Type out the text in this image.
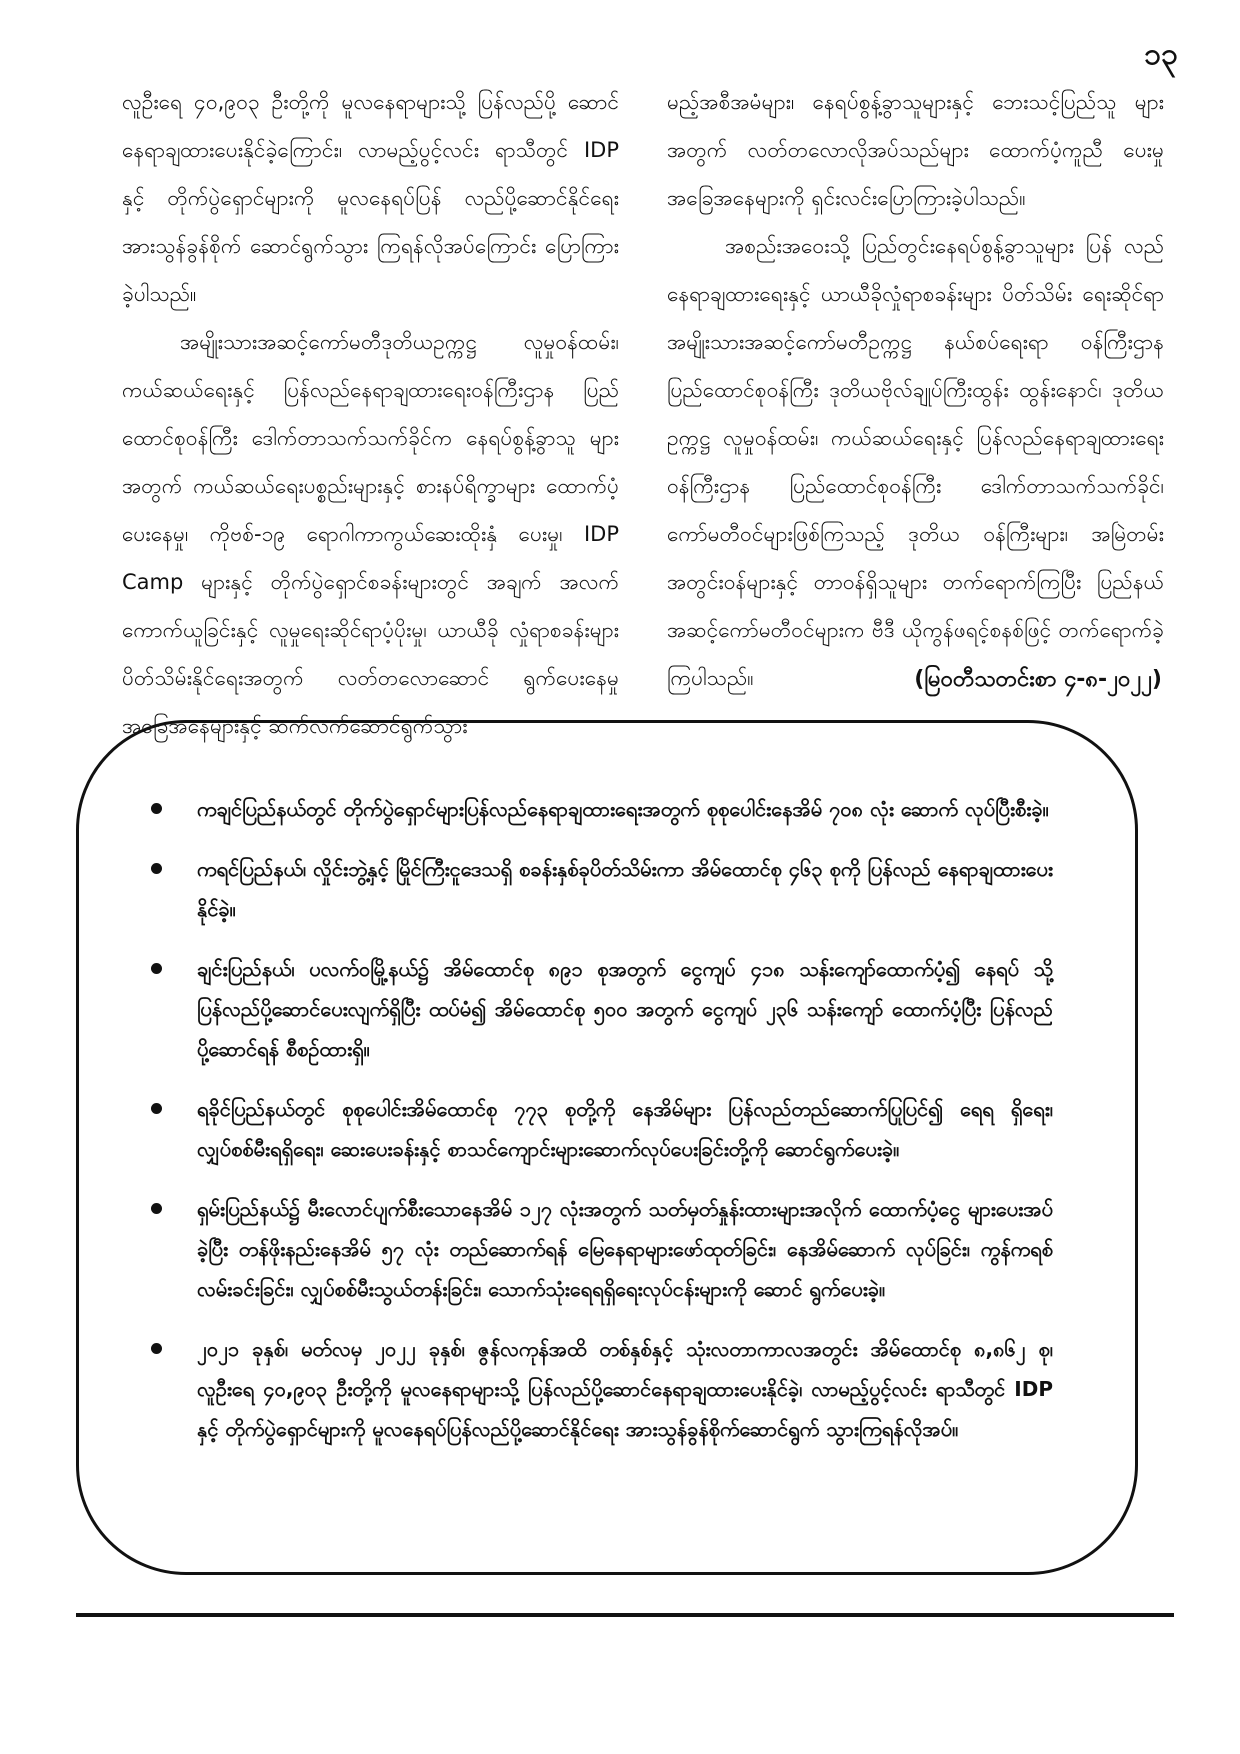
၁၃

လူဦးရေ ၄၀,၉၀၃ ဦးတို့ကို မူလနေရာများသို့ ပြန်လည်ပို့ ဆောင်နေရာချထားပေးနိုင်ခဲ့ကြောင်း၊ လာမည့်ပွင့်လင်း ရာသီတွင် IDP နှင့် တိုက်ပွဲရှောင်များကို မူလနေရပ်ပြန် လည်ပို့ဆောင်နိုင်ရေး အားသွန်ခွန်စိုက် ဆောင်ရွက်သွား ကြရန်လိုအပ်ကြောင်း ပြောကြားခဲ့ပါသည်။

အမျိုးသားအဆင့်ကော်မတီဒုတိယဥက္ကဋ္ဌ လူမှုဝန်ထမ်း၊ ကယ်ဆယ်ရေးနှင့် ပြန်လည်နေရာချထားရေးဝန်ကြီးဌာန ပြည် ထောင်စုဝန်ကြီး ဒေါက်တာသက်သက်ခိုင်က နေရပ်စွန့်ခွာသူ များအတွက် ကယ်ဆယ်ရေးပစ္စည်းများနှင့် စားနပ်ရိက္ခာများ ထောက်ပံ့ပေးနေမှု၊ ကိုဗစ်-၁၉ ရောဂါကာကွယ်ဆေးထိုးနှံ ပေးမှု၊ IDP Camp များနှင့် တိုက်ပွဲရှောင်စခန်းများတွင် အချက် အလက်ကောက်ယူခြင်းနှင့် လူမှုရေးဆိုင်ရာပံ့ပိုးမှု၊ ယာယီခို လှုံရာစခန်းများ ပိတ်သိမ်းနိုင်ရေးအတွက် လတ်တလောဆောင် ရွက်ပေးနေမှုအခြေအနေများနှင့် ဆက်လက်ဆောင်ရွက်သွား

မည့်အစီအမံများ၊ နေရပ်စွန့်ခွာသူများနှင့် ဘေးသင့်ပြည်သူ များအတွက် လတ်တလောလိုအပ်သည်များ ထောက်ပံ့ကူညီ ပေးမှုအခြေအနေများကို ရှင်းလင်းပြောကြားခဲ့ပါသည်။

အစည်းအဝေးသို့ ပြည်တွင်းနေရပ်စွန့်ခွာသူများ ပြန် လည်နေရာချထားရေးနှင့် ယာယီခိုလှုံရာစခန်းများ ပိတ်သိမ်း ရေးဆိုင်ရာ အမျိုးသားအဆင့်ကော်မတီဥက္ကဋ္ဌ နယ်စပ်ရေးရာ ဝန်ကြီးဌာန ပြည်ထောင်စုဝန်ကြီး ဒုတိယဗိုလ်ချုပ်ကြီးထွန်း ထွန်းနောင်၊ ဒုတိယဥက္ကဋ္ဌ လူမှုဝန်ထမ်း၊ ကယ်ဆယ်ရေးနှင့် ပြန်လည်နေရာချထားရေးဝန်ကြီးဌာန ပြည်ထောင်စုဝန်ကြီး ဒေါက်တာသက်သက်ခိုင်၊ ကော်မတီဝင်များဖြစ်ကြသည့် ဒုတိယ ဝန်ကြီးများ၊ အမြဲတမ်းအတွင်းဝန်များနှင့် တာဝန်ရှိသူများ တက်ရောက်ကြပြီး ပြည်နယ်အဆင့်ကော်မတီဝင်များက ဗီဒီ ယိုကွန်ဖရင့်စနစ်ဖြင့် တက်ရောက်ခဲ့ကြပါသည်။	(မြဝတီသတင်းစာ ၄-၈-၂၀၂၂)
ကချင်ပြည်နယ်တွင် တိုက်ပွဲရှောင်များပြန်လည်နေရာချထားရေးအတွက် စုစုပေါင်းနေအိမ် ၇၀၈ လုံး ဆောက် လုပ်ပြီးစီးခဲ့။
ကရင်ပြည်နယ်၊ လှိုင်းဘွဲ့နှင့် မြိုင်ကြီးငူဒေသရှိ စခန်းနှစ်ခုပိတ်သိမ်းကာ အိမ်ထောင်စု ၄၆၃ စုကို ပြန်လည် နေရာချထားပေးနိုင်ခဲ့။
ချင်းပြည်နယ်၊ ပလက်ဝမြို့နယ်၌ အိမ်ထောင်စု ၈၉၁ စုအတွက် ငွေကျပ် ၄၁၈ သန်းကျော်ထောက်ပံ့၍ နေရပ် သို့ ပြန်လည်ပို့ဆောင်ပေးလျက်ရှိပြီး ထပ်မံ၍ အိမ်ထောင်စု ၅၀၀ အတွက် ငွေကျပ် ၂၃၆ သန်းကျော် ထောက်ပံ့ပြီး ပြန်လည်ပို့ဆောင်ရန် စီစဉ်ထားရှိ။
ရခိုင်ပြည်နယ်တွင် စုစုပေါင်းအိမ်ထောင်စု ၇၇၃ စုတို့ကို နေအိမ်များ ပြန်လည်တည်ဆောက်ပြုပြင်၍ ရေရ ရှိရေး၊ လျှပ်စစ်မီးရရှိရေး၊ ဆေးပေးခန်းနှင့် စာသင်ကျောင်းများဆောက်လုပ်ပေးခြင်းတို့ကို ဆောင်ရွက်ပေးခဲ့။
ရှမ်းပြည်နယ်၌ မီးလောင်ပျက်စီးသောနေအိမ် ၁၂၇ လုံးအတွက် သတ်မှတ်နှုန်းထားများအလိုက် ထောက်ပံ့ငွေ များပေးအပ်ခဲ့ပြီး တန်ဖိုးနည်းနေအိမ် ၅၇ လုံး တည်ဆောက်ရန် မြေနေရာများဖော်ထုတ်ခြင်း၊ နေအိမ်ဆောက် လုပ်ခြင်း၊ ကွန်ကရစ်လမ်းခင်းခြင်း၊ လျှပ်စစ်မီးသွယ်တန်းခြင်း၊ သောက်သုံးရေရရှိရေးလုပ်ငန်းများကို ဆောင် ရွက်ပေးခဲ့။
၂၀၂၁ ခုနှစ်၊ မတ်လမှ ၂၀၂၂ ခုနှစ်၊ ဇွန်လကုန်အထိ တစ်နှစ်နှင့် သုံးလတာကာလအတွင်း အိမ်ထောင်စု ၈,၈၆၂ စု၊ လူဦးရေ ၄၀,၉၀၃ ဦးတို့ကို မူလနေရာများသို့ ပြန်လည်ပို့ဆောင်နေရာချထားပေးနိုင်ခဲ့၊ လာမည့်ပွင့်လင်း ရာသီတွင် IDP နှင့် တိုက်ပွဲရှောင်များကို မူလနေရပ်ပြန်လည်ပို့ဆောင်နိုင်ရေး အားသွန်ခွန်စိုက်ဆောင်ရွက် သွားကြရန်လိုအပ်။
